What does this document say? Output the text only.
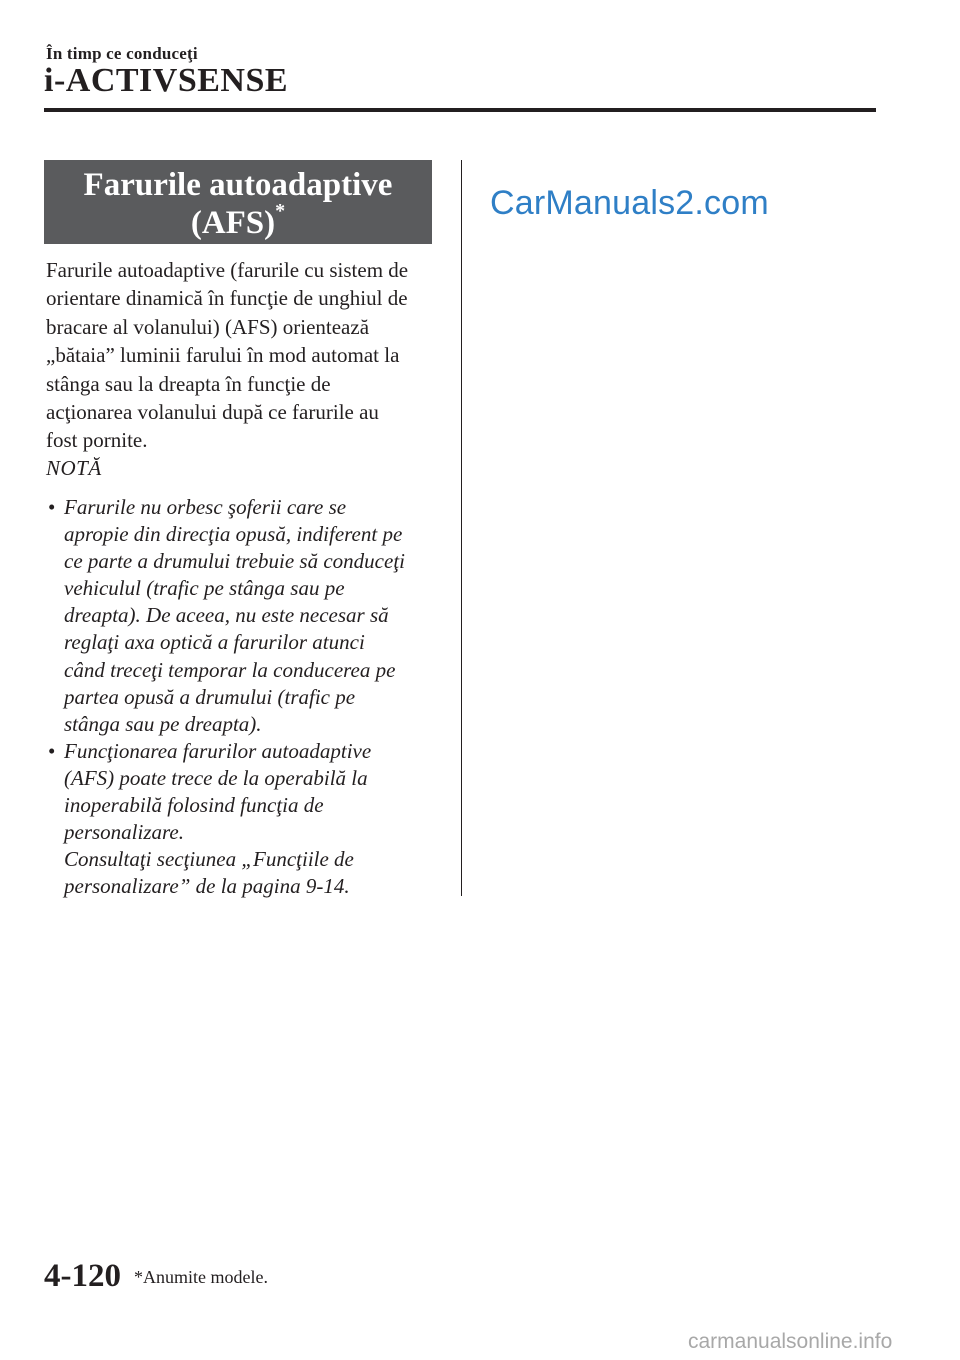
În timp ce conduceţi
i-ACTIVSENSE
Farurile autoadaptive
(AFS)*

Farurile autoadaptive (farurile cu sistem de

orientare dinamică în funcţie de unghiul de

bracare al volanului) (AFS) orientează

„bătaia” luminii farului în mod automat la

stânga sau la dreapta în funcţie de

acţionarea volanului după ce farurile au

fost pornite.

NOTĂ
• Farurile nu orbesc şoferii care se
apropie din direcţia opusă, indiferent pe
ce parte a drumului trebuie să conduceţi
vehiculul (trafic pe stânga sau pe
dreapta). De aceea, nu este necesar să
reglaţi axa optică a farurilor atunci
când treceţi temporar la conducerea pe
partea opusă a drumului (trafic pe
stânga sau pe dreapta).
• Funcţionarea farurilor autoadaptive
(AFS) poate trece de la operabilă la
inoperabilă folosind funcţia de
personalizare.
Consultaţi secţiunea „Funcţiile de
personalizare” de la pagina 9-14.
CarManuals2.com
4-120 *Anumite modele.
carmanualsonline.info
